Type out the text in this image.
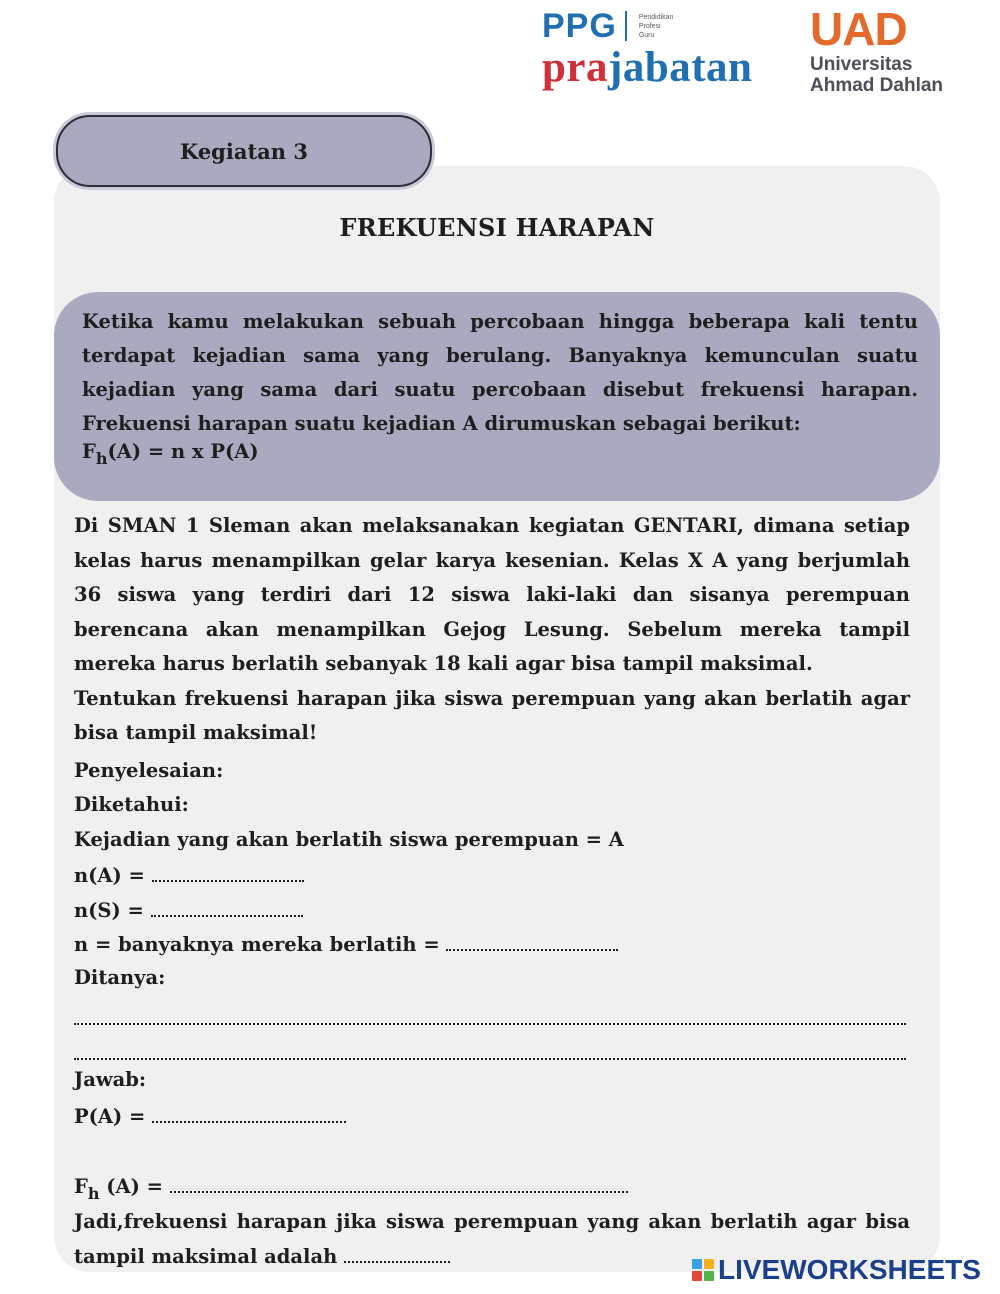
PPG	Pendidikan
Profesi
Guru
prajabatan
UAD
Universitas
Ahmad Dahlan
Kegiatan 3
FREKUENSI HARAPAN
Ketika kamu melakukan sebuah percobaan hingga beberapa kali tentu terdapat kejadian sama yang berulang. Banyaknya kemunculan suatu kejadian yang sama dari suatu percobaan disebut frekuensi harapan. Frekuensi harapan suatu kejadian A dirumuskan sebagai berikut:
$F_h(A) = n$ x P(A)

Di SMAN 1 Sleman akan melaksanakan kegiatan GENTARI, dimana setiap kelas harus menampilkan gelar karya kesenian. Kelas X A yang berjumlah 36 siswa yang terdiri dari 12 siswa laki-laki dan sisanya perempuan berencana akan menampilkan Gejog Lesung. Sebelum mereka tampil mereka harus berlatih sebanyak 18 kali agar bisa tampil maksimal.

Tentukan frekuensi harapan jika siswa perempuan yang akan berlatih agar bisa tampil maksimal!

Penyelesaian:
Diketahui:
Kejadian yang akan berlatih siswa perempuan = A
n(A) =
n(S) =
n = banyaknya mereka berlatih =
Ditanya:
Jawab:
P(A) =
$F_h$ (A) =
Jadi,frekuensi harapan jika siswa perempuan yang akan berlatih agar bisa tampil maksimal adalah	LIVEWORKSHEETS
